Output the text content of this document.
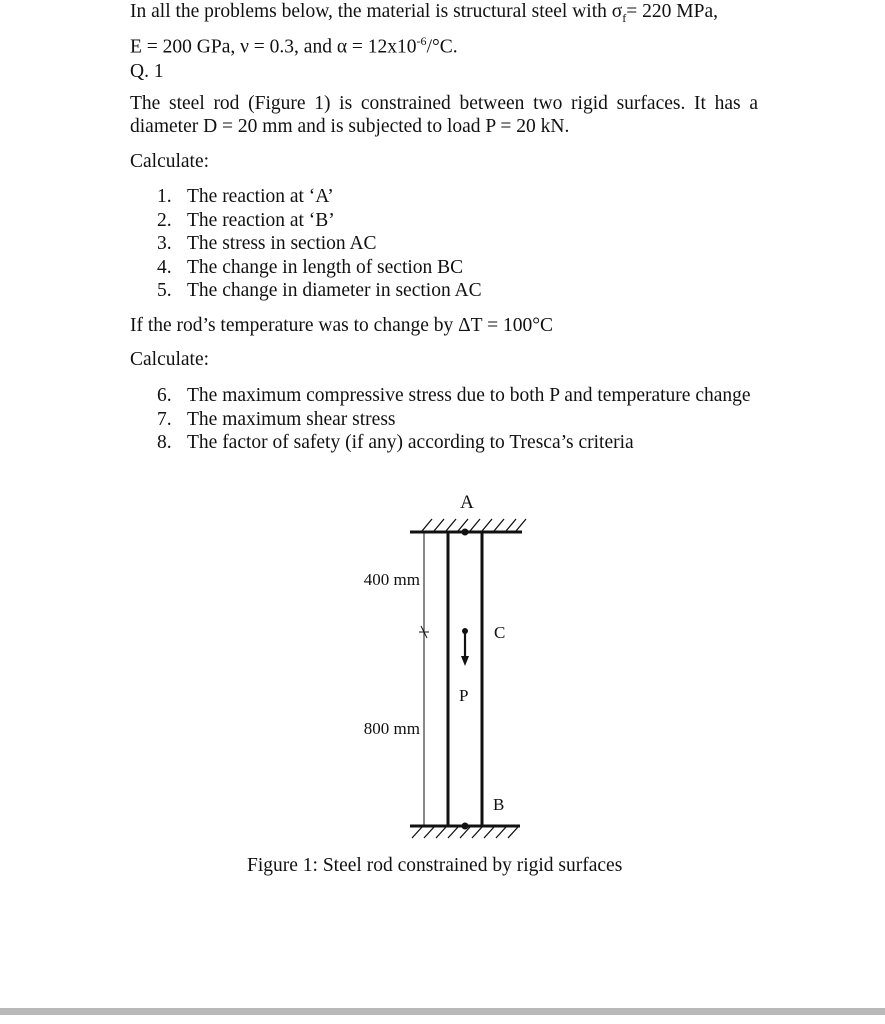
In all the problems below, the material is structural steel with $\sigma_f= 220$ MPa,
E = 200 GPa, ν = 0.3, and $\alpha = 12x10^{-6}/^\circ C$.
Q. 1
The steel rod (Figure 1) is constrained between two rigid surfaces. It has a diameter D = 20 mm and is subjected to load P = 20 kN.
Calculate:
1. The reaction at ‘A’
2. The reaction at ‘B’
3. The stress in section AC
4. The change in length of section BC
5. The change in diameter in section AC
If the rod’s temperature was to change by ΔT = 100°C
Calculate:
6. The maximum compressive stress due to both P and temperature change
7. The maximum shear stress
8. The factor of safety (if any) according to Tresca’s criteria
A
C
P
B
400 mm
800 mm
Figure 1: Steel rod constrained by rigid surfaces
